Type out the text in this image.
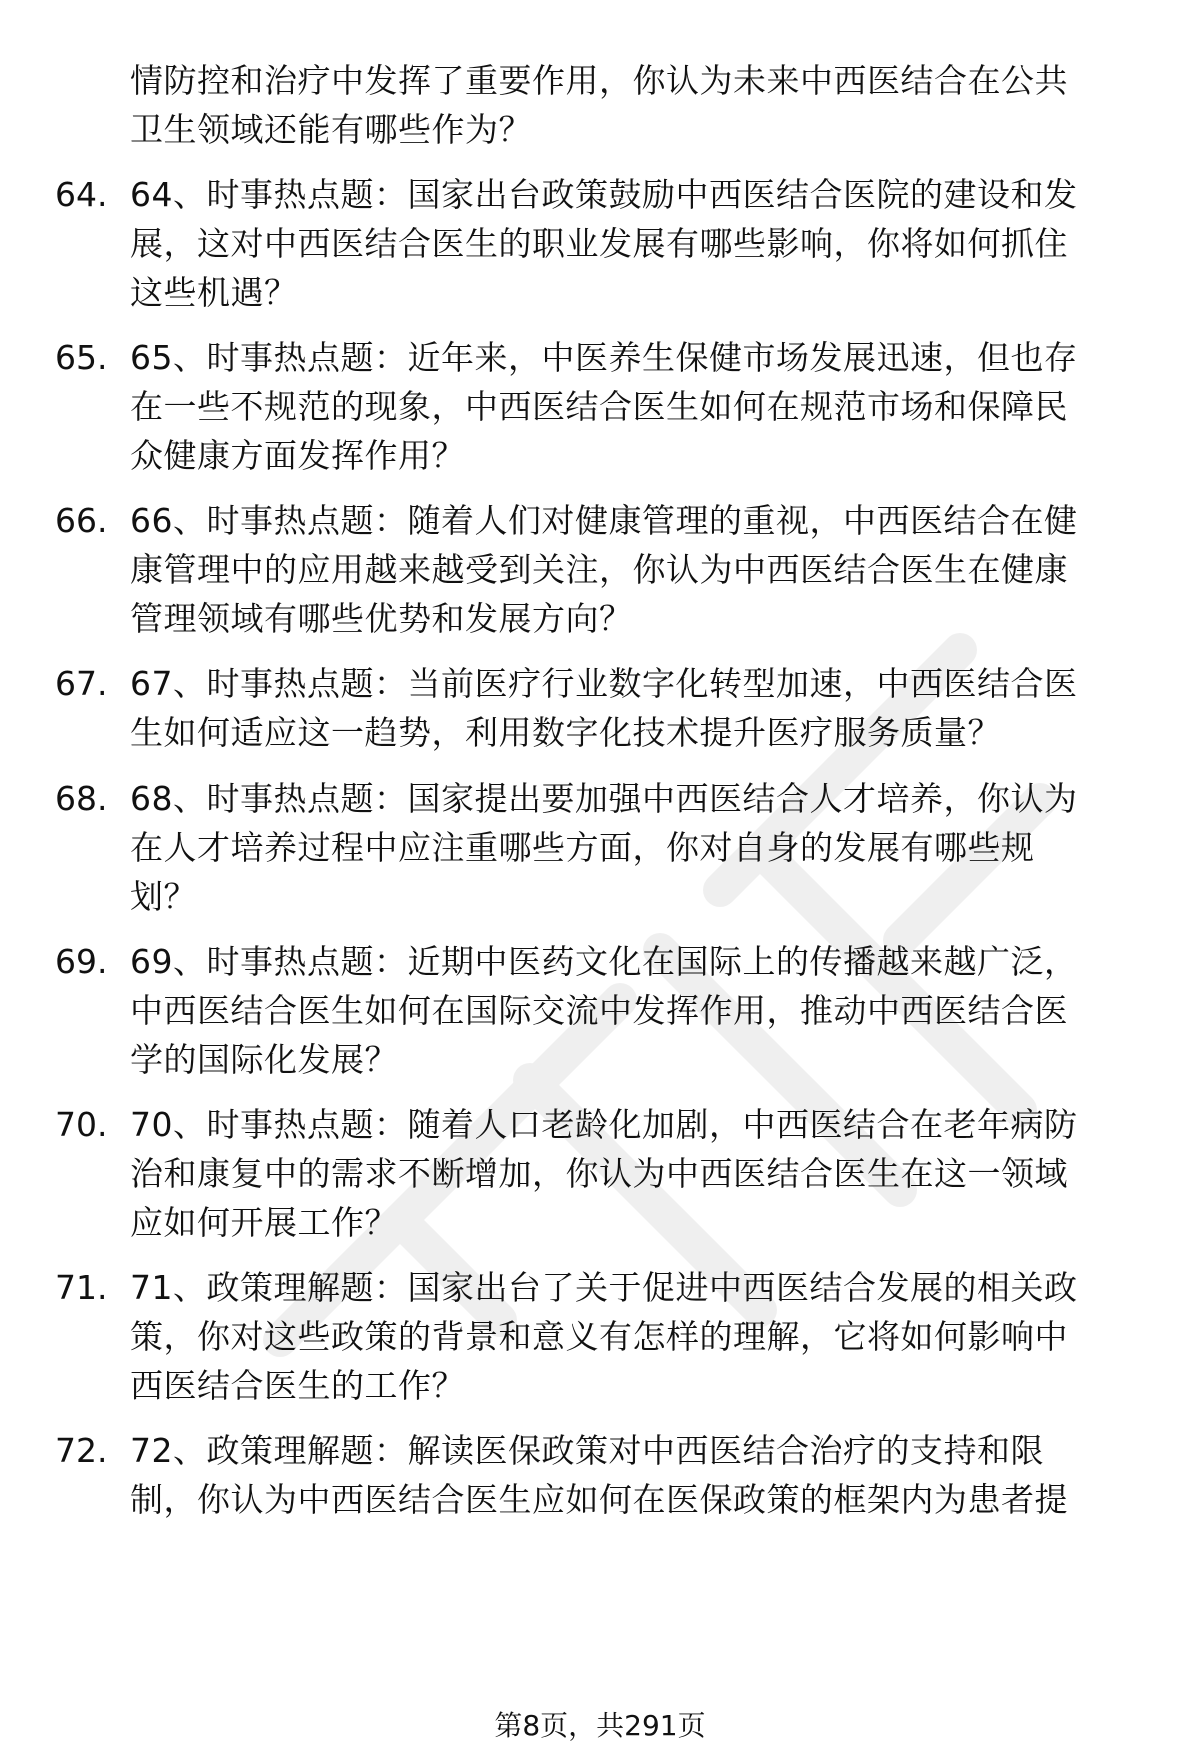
情防控和治疗中发挥了重要作用，你认为未来中西医结合在公共
卫生领域还能有哪些作为？
64. 64、时事热点题：国家出台政策鼓励中西医结合医院的建设和发
展，这对中西医结合医生的职业发展有哪些影响，你将如何抓住
这些机遇？
65. 65、时事热点题：近年来，中医养生保健市场发展迅速，但也存
在一些不规范的现象，中西医结合医生如何在规范市场和保障民
众健康方面发挥作用？
66. 66、时事热点题：随着人们对健康管理的重视，中西医结合在健
康管理中的应用越来越受到关注，你认为中西医结合医生在健康
管理领域有哪些优势和发展方向？
67. 67、时事热点题：当前医疗行业数字化转型加速，中西医结合医
生如何适应这一趋势，利用数字化技术提升医疗服务质量？
68. 68、时事热点题：国家提出要加强中西医结合人才培养，你认为
在人才培养过程中应注重哪些方面，你对自身的发展有哪些规
划？
69. 69、时事热点题：近期中医药文化在国际上的传播越来越广泛，
中西医结合医生如何在国际交流中发挥作用，推动中西医结合医
学的国际化发展？
70. 70、时事热点题：随着人口老龄化加剧，中西医结合在老年病防
治和康复中的需求不断增加，你认为中西医结合医生在这一领域
应如何开展工作？
71. 71、政策理解题：国家出台了关于促进中西医结合发展的相关政
策，你对这些政策的背景和意义有怎样的理解，它将如何影响中
西医结合医生的工作？
72. 72、政策理解题：解读医保政策对中西医结合治疗的支持和限
制，你认为中西医结合医生应如何在医保政策的框架内为患者提
第8页，共291页
